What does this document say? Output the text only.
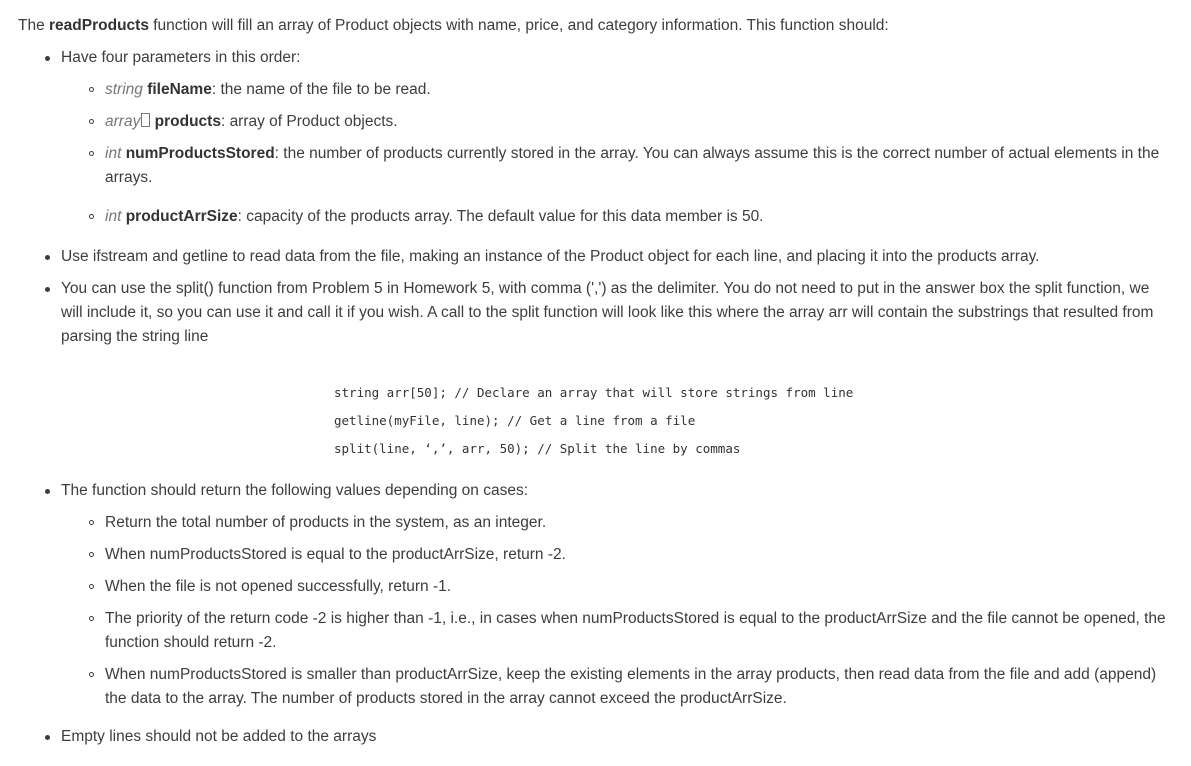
The readProducts function will fill an array of Product objects with name, price, and category information. This function should:

Have four parameters in this order:
string fileName: the name of the file to be read.
array products: array of Product objects.
int numProductsStored: the number of products currently stored in the array. You can always assume this is the correct number of actual elements in the arrays.
int productArrSize: capacity of the products array. The default value for this data member is 50.
Use ifstream and getline to read data from the file, making an instance of the Product object for each line, and placing it into the products array.
You can use the split() function from Problem 5 in Homework 5, with comma (',') as the delimiter. You do not need to put in the answer box the split function, we will include it, so you can use it and call it if you wish. A call to the split function will look like this where the array arr will contain the substrings that resulted from parsing the string line
string arr[50]; // Declare an array that will store strings from line
getline(myFile, line); // Get a line from a file
split(line, ‘,’, arr, 50); // Split the line by commas
The function should return the following values depending on cases:
Return the total number of products in the system, as an integer.
When numProductsStored is equal to the productArrSize, return -2.
When the file is not opened successfully, return -1.
The priority of the return code -2 is higher than -1, i.e., in cases when numProductsStored is equal to the productArrSize and the file cannot be opened, the function should return -2.
When numProductsStored is smaller than productArrSize, keep the existing elements in the array products, then read data from the file and add (append) the data to the array. The number of products stored in the array cannot exceed the productArrSize.
Empty lines should not be added to the arrays
